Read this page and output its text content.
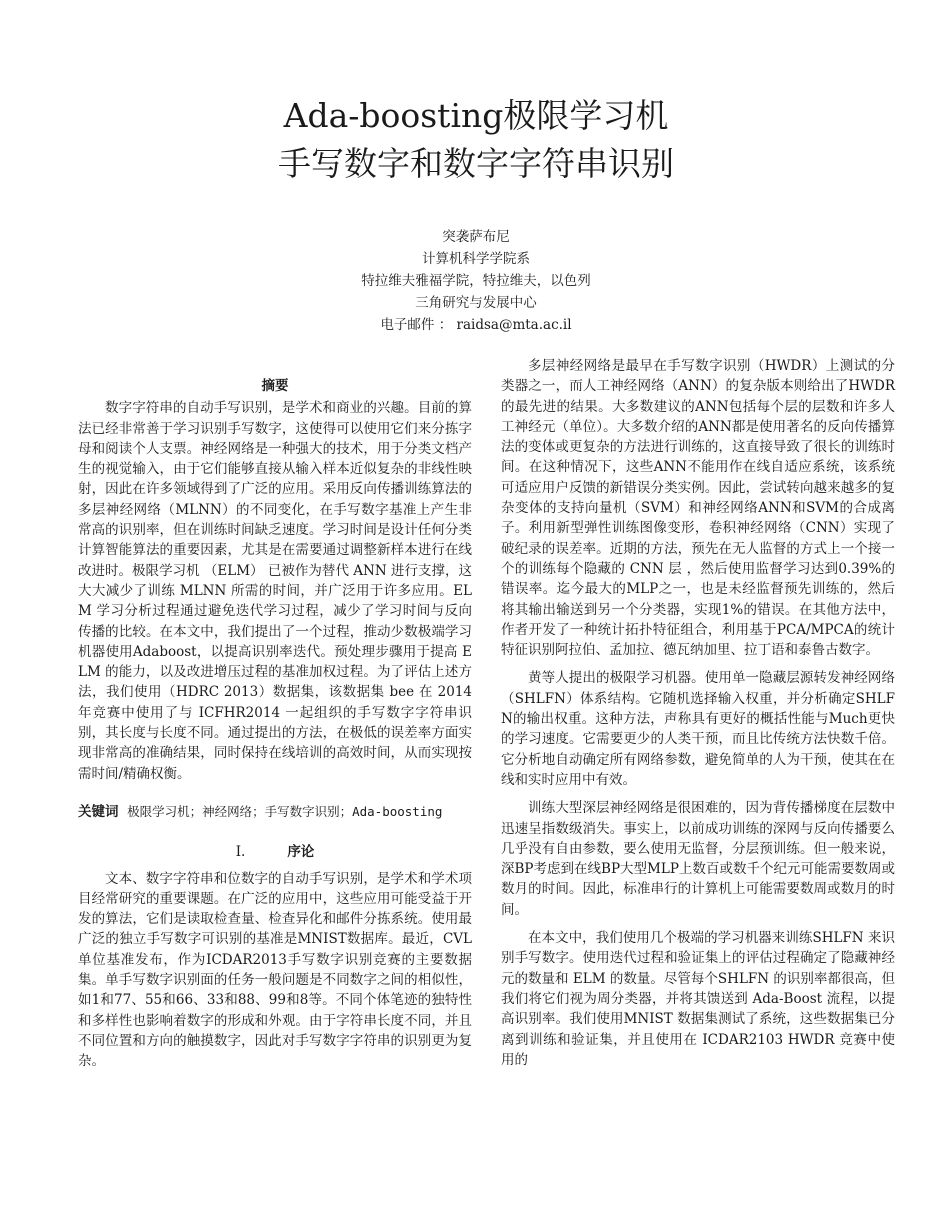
Ada-boosting极限学习机
手写数字和数字字符串识别
突袭萨布尼
计算机科学学院系
特拉维夫雅福学院，特拉维夫，以色列
三角研究与发展中心
电子邮件 ： raidsa@mta.ac.il
摘要

数字字符串的自动手写识别，是学术和商业的兴趣。目前的算法已经非常善于学习识别手写数字，这使得可以使用它们来分拣字母和阅读个人支票。神经网络是一种强大的技术，用于分类文档产生的视觉输入，由于它们能够直接从输入样本近似复杂的非线性映射，因此在许多领域得到了广泛的应用。采用反向传播训练算法的多层神经网络（MLNN）的不同变化，在手写数字基准上产生非常高的识别率，但在训练时间缺乏速度。学习时间是设计任何分类计算智能算法的重要因素，尤其是在需要通过调整新样本进行在线改进时。极限学习机 （ELM） 已被作为替代 ANN 进行支撑，这大大减少了训练 MLNN 所需的时间，并广泛用于许多应用。ELM 学习分析过程通过避免迭代学习过程，减少了学习时间与反向传播的比较。在本文中，我们提出了一个过程，推动少数极端学习机器使用Adaboost，以提高识别率迭代。预处理步骤用于提高 ELM 的能力，以及改进增压过程的基准加权过程。为了评估上述方法，我们使用（HDRC 2013）数据集，该数据集 bee 在 2014 年竞赛中使用了与 ICFHR2014 一起组织的手写数字字符串识别，其长度与长度不同。通过提出的方法，在极低的误差率方面实现非常高的准确结果，同时保持在线培训的高效时间，从而实现按需时间/精确权衡。

关键词 极限学习机；神经网络；手写数字识别；Ada-boosting

I.	序论

文本、数字字符串和位数字的自动手写识别，是学术和学术项目经常研究的重要课题。在广泛的应用中，这些应用可能受益于开发的算法，它们是读取检查量、检查异化和邮件分拣系统。使用最广泛的独立手写数字可识别的基准是MNIST数据库。最近，CVL单位基准发布，作为ICDAR2013手写数字识别竞赛的主要数据集。单手写数字识别面的任务一般问题是不同数字之间的相似性，如1和77、55和66、33和88、99和8等。不同个体笔迹的独特性和多样性也影响着数字的形成和外观。由于字符串长度不同，并且不同位置和方向的触摸数字，因此对手写数字字符串的识别更为复杂。

多层神经网络是最早在手写数字识别（HWDR）上测试的分类器之一，而人工神经网络（ANN）的复杂版本则给出了HWDR的最先进的结果。大多数建议的ANN包括每个层的层数和许多人工神经元（单位）。大多数介绍的ANN都是使用著名的反向传播算法的变体或更复杂的方法进行训练的，这直接导致了很长的训练时间。在这种情况下，这些ANN不能用作在线自适应系统，该系统可适应用户反馈的新错误分类实例。因此，尝试转向越来越多的复杂变体的支持向量机（SVM）和神经网络ANN和SVM的合成离子。利用新型弹性训练图像变形，卷积神经网络（CNN）实现了破纪录的误差率。近期的方法，预先在无人监督的方式上一个接一个的训练每个隐藏的 CNN 层 ，然后使用监督学习达到0.39%的错误率。迄今最大的MLP之一，也是未经监督预先训练的，然后将其输出输送到另一个分类器，实现1%的错误。在其他方法中，作者开发了一种统计拓扑特征组合，利用基于PCA/MPCA的统计特征识别阿拉伯、孟加拉、德瓦纳加里、拉丁语和泰鲁古数字。

黄等人提出的极限学习机器。使用单一隐藏层源转发神经网络（SHLFN）体系结构。它随机选择输入权重，并分析确定SHLFN的输出权重。这种方法，声称具有更好的概括性能与Much更快的学习速度。它需要更少的人类干预，而且比传统方法快数千倍。它分析地自动确定所有网络参数，避免简单的人为干预，使其在在线和实时应用中有效。

训练大型深层神经网络是很困难的，因为背传播梯度在层数中迅速呈指数级消失。事实上，以前成功训练的深网与反向传播要么几乎没有自由参数，要么使用无监督，分层预训练。但一般来说，深BP考虑到在线BP大型MLP上数百或数千个纪元可能需要数周或数月的时间。因此，标准串行的计算机上可能需要数周或数月的时间。

在本文中，我们使用几个极端的学习机器来训练SHLFN 来识别手写数字。使用迭代过程和验证集上的评估过程确定了隐藏神经元的数量和 ELM 的数量。尽管每个SHLFN 的识别率都很高，但我们将它们视为周分类器，并将其馈送到 Ada-Boost 流程，以提高识别率。我们使用MNIST 数据集测试了系统，这些数据集已分离到训练和验证集，并且使用在 ICDAR2103 HWDR 竞赛中使用的
